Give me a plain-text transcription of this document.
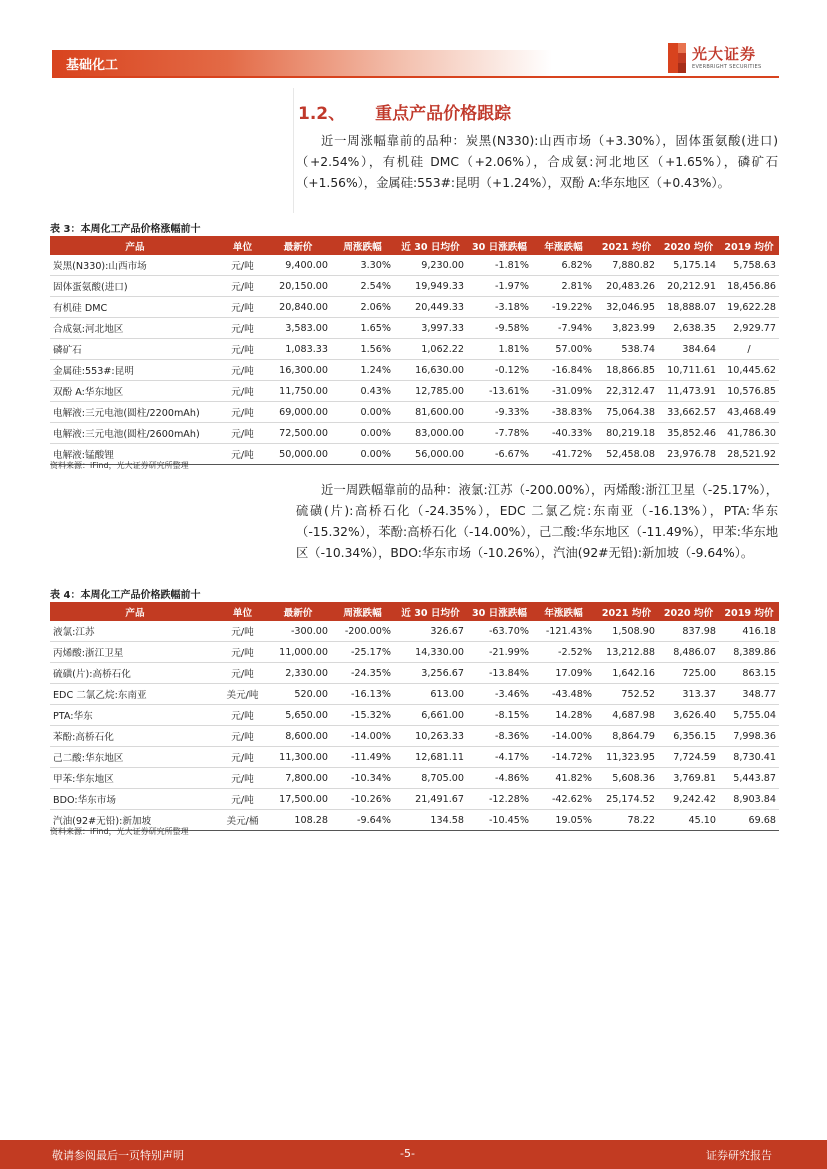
基础化工
光大证券
EVERBRIGHT SECURITIES
1.2、 重点产品价格跟踪
近一周涨幅靠前的品种：炭黑(N330):山西市场（+3.30%），固体蛋氨酸(进口)（+2.54%），有机硅 DMC（+2.06%），合成氨:河北地区（+1.65%），磷矿石（+1.56%），金属硅:553#:昆明（+1.24%），双酚 A:华东地区（+0.43%）。
表 3：本周化工产品价格涨幅前十
产品	单位	最新价	周涨跌幅	近 30 日均价	30 日涨跌幅	年涨跌幅	2021 均价	2020 均价	2019 均价
炭黑(N330):山西市场	元/吨	9,400.00	3.30%	9,230.00	-1.81%	6.82%	7,880.82	5,175.14	5,758.63
固体蛋氨酸(进口)	元/吨	20,150.00	2.54%	19,949.33	-1.97%	2.81%	20,483.26	20,212.91	18,456.86
有机硅 DMC	元/吨	20,840.00	2.06%	20,449.33	-3.18%	-19.22%	32,046.95	18,888.07	19,622.28
合成氨:河北地区	元/吨	3,583.00	1.65%	3,997.33	-9.58%	-7.94%	3,823.99	2,638.35	2,929.77
磷矿石	元/吨	1,083.33	1.56%	1,062.22	1.81%	57.00%	538.74	384.64	/
金属硅:553#:昆明	元/吨	16,300.00	1.24%	16,630.00	-0.12%	-16.84%	18,866.85	10,711.61	10,445.62
双酚 A:华东地区	元/吨	11,750.00	0.43%	12,785.00	-13.61%	-31.09%	22,312.47	11,473.91	10,576.85
电解液:三元电池(圆柱/2200mAh)	元/吨	69,000.00	0.00%	81,600.00	-9.33%	-38.83%	75,064.38	33,662.57	43,468.49
电解液:三元电池(圆柱/2600mAh)	元/吨	72,500.00	0.00%	83,000.00	-7.78%	-40.33%	80,219.18	35,852.46	41,786.30
电解液:锰酸锂	元/吨	50,000.00	0.00%	56,000.00	-6.67%	-41.72%	52,458.08	23,976.78	28,521.92
资料来源：iFind，光大证券研究所整理
近一周跌幅靠前的品种：液氯:江苏（-200.00%），丙烯酸:浙江卫星（-25.17%），硫磺(片):高桥石化（-24.35%），EDC 二氯乙烷:东南亚（-16.13%），PTA:华东（-15.32%），苯酚:高桥石化（-14.00%），己二酸:华东地区（-11.49%），甲苯:华东地区（-10.34%），BDO:华东市场（-10.26%），汽油(92#无铅):新加坡（-9.64%）。
表 4：本周化工产品价格跌幅前十
产品	单位	最新价	周涨跌幅	近 30 日均价	30 日涨跌幅	年涨跌幅	2021 均价	2020 均价	2019 均价
液氯:江苏	元/吨	-300.00	-200.00%	326.67	-63.70%	-121.43%	1,508.90	837.98	416.18
丙烯酸:浙江卫星	元/吨	11,000.00	-25.17%	14,330.00	-21.99%	-2.52%	13,212.88	8,486.07	8,389.86
硫磺(片):高桥石化	元/吨	2,330.00	-24.35%	3,256.67	-13.84%	17.09%	1,642.16	725.00	863.15
EDC 二氯乙烷:东南亚	美元/吨	520.00	-16.13%	613.00	-3.46%	-43.48%	752.52	313.37	348.77
PTA:华东	元/吨	5,650.00	-15.32%	6,661.00	-8.15%	14.28%	4,687.98	3,626.40	5,755.04
苯酚:高桥石化	元/吨	8,600.00	-14.00%	10,263.33	-8.36%	-14.00%	8,864.79	6,356.15	7,998.36
己二酸:华东地区	元/吨	11,300.00	-11.49%	12,681.11	-4.17%	-14.72%	11,323.95	7,724.59	8,730.41
甲苯:华东地区	元/吨	7,800.00	-10.34%	8,705.00	-4.86%	41.82%	5,608.36	3,769.81	5,443.87
BDO:华东市场	元/吨	17,500.00	-10.26%	21,491.67	-12.28%	-42.62%	25,174.52	9,242.42	8,903.84
汽油(92#无铅):新加坡	美元/桶	108.28	-9.64%	134.58	-10.45%	19.05%	78.22	45.10	69.68
资料来源：iFind，光大证券研究所整理
敬请参阅最后一页特别声明	-5-	证券研究报告
